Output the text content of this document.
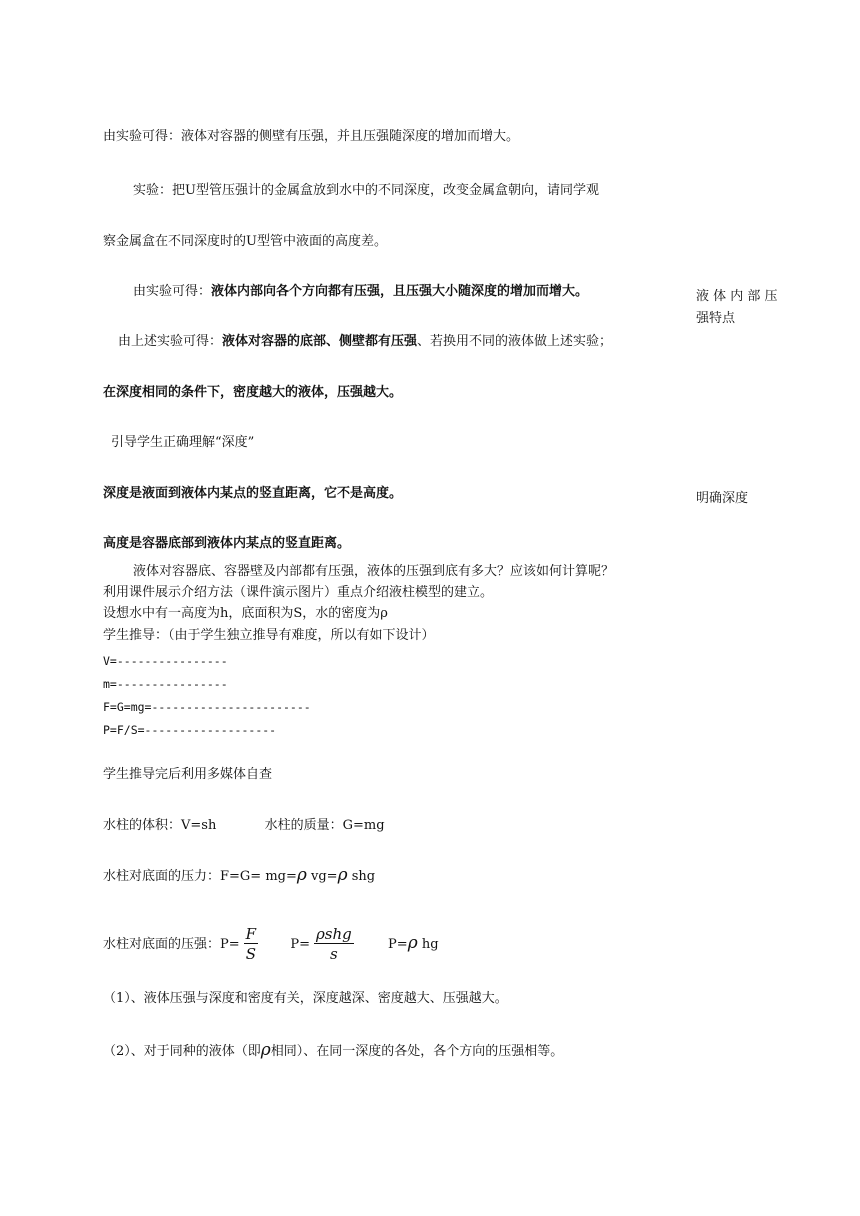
由实验可得：液体对容器的侧壁有压强，并且压强随深度的增加而增大。
实验：把U型管压强计的金属盒放到水中的不同深度，改变金属盒朝向，请同学观
察金属盒在不同深度时的U型管中液面的高度差。
由实验可得：液体内部向各个方向都有压强，且压强大小随深度的增加而增大。
由上述实验可得：液体对容器的底部、侧壁都有压强、若换用不同的液体做上述实验；
在深度相同的条件下，密度越大的液体，压强越大。
引导学生正确理解“深度”
深度是液面到液体内某点的竖直距离，它不是高度。
高度是容器底部到液体内某点的竖直距离。
液体对容器底、容器壁及内部都有压强，液体的压强到底有多大？应该如何计算呢？
利用课件展示介绍方法（课件演示图片）重点介绍液柱模型的建立。
设想水中有一高度为h，底面积为S，水的密度为ρ
学生推导：（由于学生独立推导有难度，所以有如下设计）
V=----------------
m=----------------
F=G=mg=-----------------------
P=F/S=-------------------
学生推导完后利用多媒体自查
水柱的体积：V=sh	水柱的质量：G=mg
水柱对底面的压力：F=G= mg=ρ vg=ρ shg
水柱对底面的压强：$P= \frac{F}{S} P= \frac{\text{ρshg}}{s}$	P=ρ hg
（1）、液体压强与深度和密度有关，深度越深、密度越大、压强越大。
（2）、对于同种的液体（即ρ相同）、在同一深度的各处，各个方向的压强相等。
液 体 内 部 压
强特点
明确深度
